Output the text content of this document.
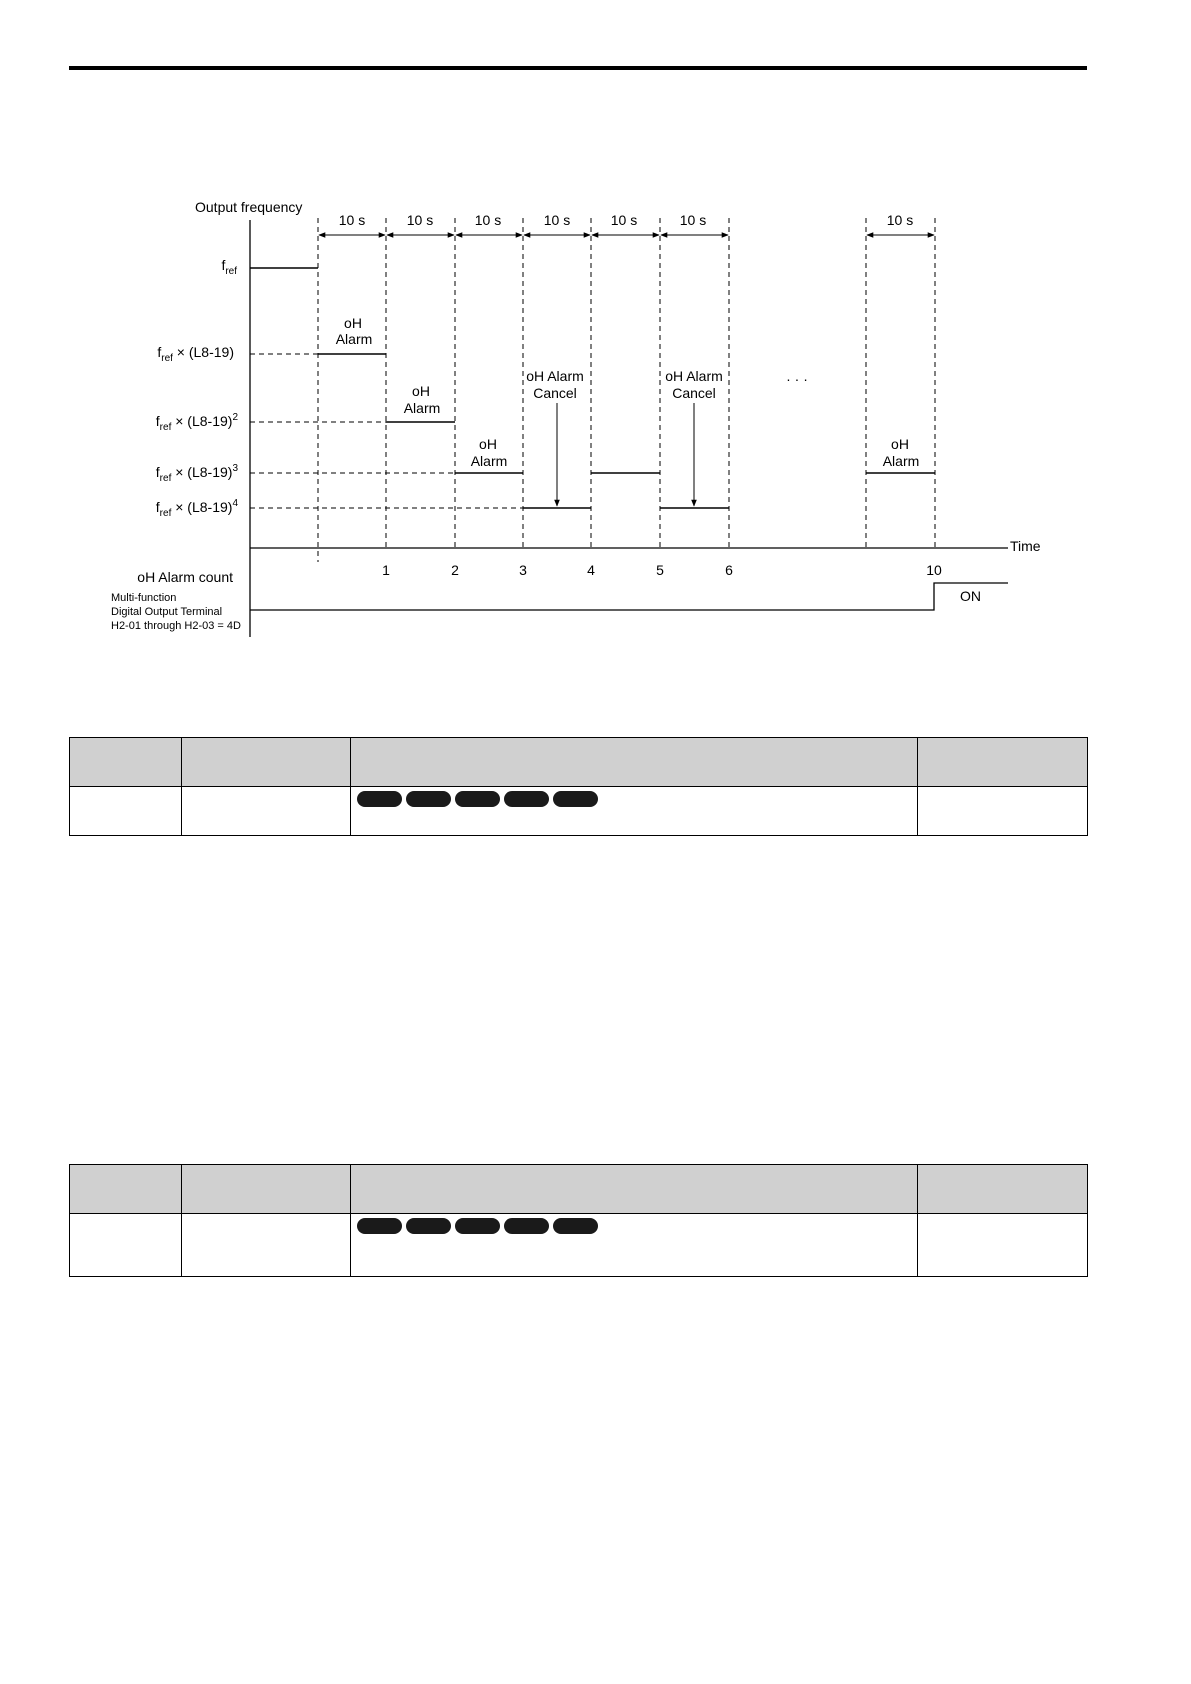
Output frequency
Time
$f_{ref}$
$f_{ref} \times (L8-19)$
$f_{ref} \times (L8-19)^2$
$f_{ref} \times (L8-19)^3$
$f_{ref} \times (L8-19)^4$
10 s	10 s	10 s	10 s	10 s	10 s	10 s
oH
Alarm
oH
Alarm
oH
Alarm
oH
Alarm
oH Alarm
Cancel
oH Alarm
Cancel
· · ·
1	2	3	4	5	6	10
oH Alarm count
Multi-function
Digital Output Terminal
H2-01 through H2-03 = 4D
ON
